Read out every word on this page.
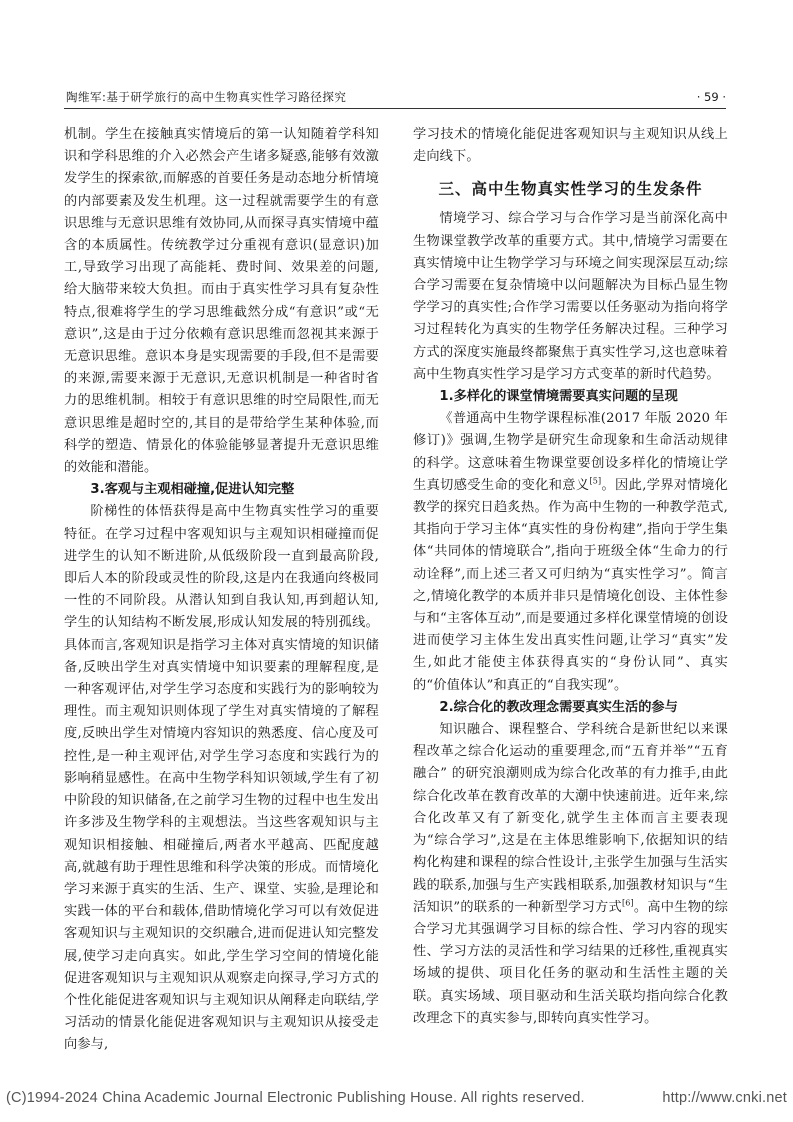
陶维军:基于研学旅行的高中生物真实性学习路径探究	· 59 ·

机制。学生在接触真实情境后的第一认知随着学科知识和学科思维的介入必然会产生诸多疑惑,能够有效激发学生的探索欲,而解惑的首要任务是动态地分析情境的内部要素及发生机理。这一过程就需要学生的有意识思维与无意识思维有效协同,从而探寻真实情境中蕴含的本质属性。传统教学过分重视有意识(显意识)加工,导致学习出现了高能耗、费时间、效果差的问题,给大脑带来较大负担。而由于真实性学习具有复杂性特点,很难将学生的学习思维截然分成“有意识”或“无意识”,这是由于过分依赖有意识思维而忽视其来源于无意识思维。意识本身是实现需要的手段,但不是需要的来源,需要来源于无意识,无意识机制是一种省时省力的思维机制。相较于有意识思维的时空局限性,而无意识思维是超时空的,其目的是带给学生某种体验,而科学的塑造、情景化的体验能够显著提升无意识思维的效能和潜能。

3.客观与主观相碰撞,促进认知完整

阶梯性的体悟获得是高中生物真实性学习的重要特征。在学习过程中客观知识与主观知识相碰撞而促进学生的认知不断进阶,从低级阶段一直到最高阶段,即后人本的阶段或灵性的阶段,这是内在我通向终极同一性的不同阶段。从潜认知到自我认知,再到超认知,学生的认知结构不断发展,形成认知发展的特別孤线。具体而言,客观知识是指学习主体对真实情境的知识储备,反映出学生对真实情境中知识要素的理解程度,是一种客观评估,对学生学习态度和实践行为的影响较为理性。而主观知识则体现了学生对真实情境的了解程度,反映出学生对情境内容知识的熟悉度、信心度及可控性,是一种主观评估,对学生学习态度和实践行为的影响稍显感性。在高中生物学科知识领域,学生有了初中阶段的知识储备,在之前学习生物的过程中也生发出许多涉及生物学科的主观想法。当这些客观知识与主观知识相接触、相碰撞后,两者水平越高、匹配度越高,就越有助于理性思维和科学决策的形成。而情境化学习来源于真实的生活、生产、课堂、实验,是理论和实践一体的平台和载体,借助情境化学习可以有效促进客观知识与主观知识的交织融合,进而促进认知完整发展,使学习走向真实。如此,学生学习空间的情境化能促进客观知识与主观知识从观察走向探寻,学习方式的个性化能促进客观知识与主观知识从阐释走向联结,学习活动的情景化能促进客观知识与主观知识从接受走向参与,

学习技术的情境化能促进客观知识与主观知识从线上走向线下。

三、高中生物真实性学习的生发条件

情境学习、综合学习与合作学习是当前深化高中生物课堂教学改革的重要方式。其中,情境学习需要在真实情境中让生物学学习与环境之间实现深层互动;综合学习需要在复杂情境中以问题解决为目标凸显生物学学习的真实性;合作学习需要以任务驱动为指向将学习过程转化为真实的生物学任务解决过程。三种学习方式的深度实施最终都聚焦于真实性学习,这也意味着高中生物真实性学习是学习方式变革的新时代趋势。

1.多样化的课堂情境需要真实问题的呈现

《普通高中生物学课程标准(2017 年版 2020 年修订)》强调,生物学是研究生命现象和生命活动规律的科学。这意味着生物课堂要创设多样化的情境让学生真切感受生命的变化和意义[5]。因此,学界对情境化教学的探究日趋炙热。作为高中生物的一种教学范式,其指向于学习主体“真实性的身份构建”,指向于学生集体“共同体的情境联合”,指向于班级全体“生命力的行动诠释”,而上述三者又可归纳为“真实性学习”。简言之,情境化教学的本质并非只是情境化创设、主体性参与和“主客体互动”,而是要通过多样化课堂情境的创设进而使学习主体生发出真实性问题,让学习“真实”发生,如此才能使主体获得真实的“身份认同”、真实的“价值体认”和真正的“自我实现”。

2.综合化的教改理念需要真实生活的参与

知识融合、课程整合、学科统合是新世纪以来课程改革之综合化运动的重要理念,而“五育并举”“五育融合” 的研究浪潮则成为综合化改革的有力推手,由此综合化改革在教育改革的大潮中快速前进。近年来,综合化改革又有了新变化,就学生主体而言主要表现为“综合学习”,这是在主体思维影响下,依据知识的结构化构建和课程的综合性设计,主张学生加强与生活实践的联系,加强与生产实践相联系,加强教材知识与“生活知识”的联系的一种新型学习方式[6]。高中生物的综合学习尤其强调学习目标的综合性、学习内容的现实性、学习方法的灵活性和学习结果的迁移性,重视真实场域的提供、项目化任务的驱动和生活性主题的关联。真实场域、项目驱动和生活关联均指向综合化教改理念下的真实参与,即转向真实性学习。

(C)1994-2024 China Academic Journal Electronic Publishing House. All rights reserved.	http://www.cnki.net
